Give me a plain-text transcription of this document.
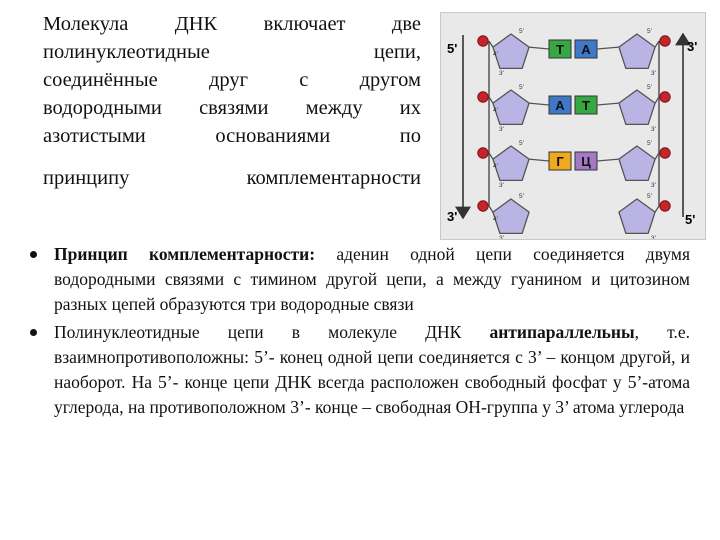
Молекула ДНК включает две
полинуклеотидные цепи,
соединённые друг с другом
водородными связями между их
азотистыми основаниями по
принципу комплементарности
5'
3'
3'
5'
5'
4'
3'
5'
3'
Т А
5'
4'
3'
5'
3'
А Т
5'
4'
3'
5'
3'
Г Ц
5'
4'
3'
5'
3'
Принцип комплементарности: аденин одной цепи соединяется двумя водородными связями с тимином другой цепи, а между гуанином и цитозином разных цепей образуются три водородные связи
Полинуклеотидные цепи в молекуле ДНК антипараллельны, т.е. взаимнопротивоположны: 5’- конец одной цепи соединяется с 3’ – концом другой, и наоборот. На 5’- конце цепи ДНК всегда расположен свободный фосфат у 5’-атома углерода, на противоположном 3’- конце – свободная ОН-группа у 3’ атома углерода
